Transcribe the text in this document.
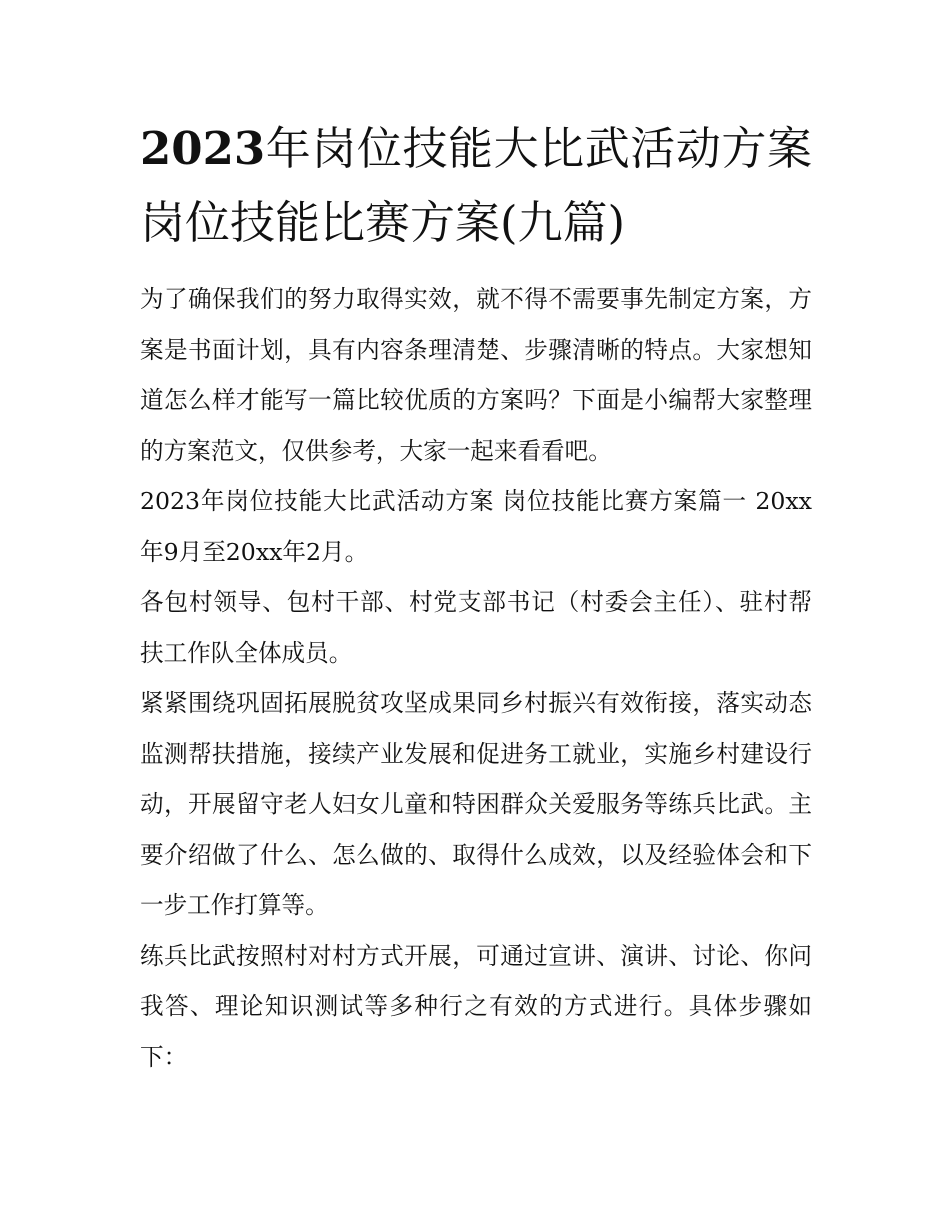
2023年岗位技能大比武活动方案 岗位技能比赛方案(九篇)

为了确保我们的努力取得实效，就不得不需要事先制定方案，方案是书面计划，具有内容条理清楚、步骤清晰的特点。大家想知道怎么样才能写一篇比较优质的方案吗？下面是小编帮大家整理的方案范文，仅供参考，大家一起来看看吧。

2023年岗位技能大比武活动方案 岗位技能比赛方案篇一 20xx年9月至20xx年2月。

各包村领导、包村干部、村党支部书记（村委会主任）、驻村帮扶工作队全体成员。

紧紧围绕巩固拓展脱贫攻坚成果同乡村振兴有效衔接，落实动态监测帮扶措施，接续产业发展和促进务工就业，实施乡村建设行动，开展留守老人妇女儿童和特困群众关爱服务等练兵比武。主要介绍做了什么、怎么做的、取得什么成效，以及经验体会和下一步工作打算等。

练兵比武按照村对村方式开展，可通过宣讲、演讲、讨论、你问我答、理论知识测试等多种行之有效的方式进行。具体步骤如下：
